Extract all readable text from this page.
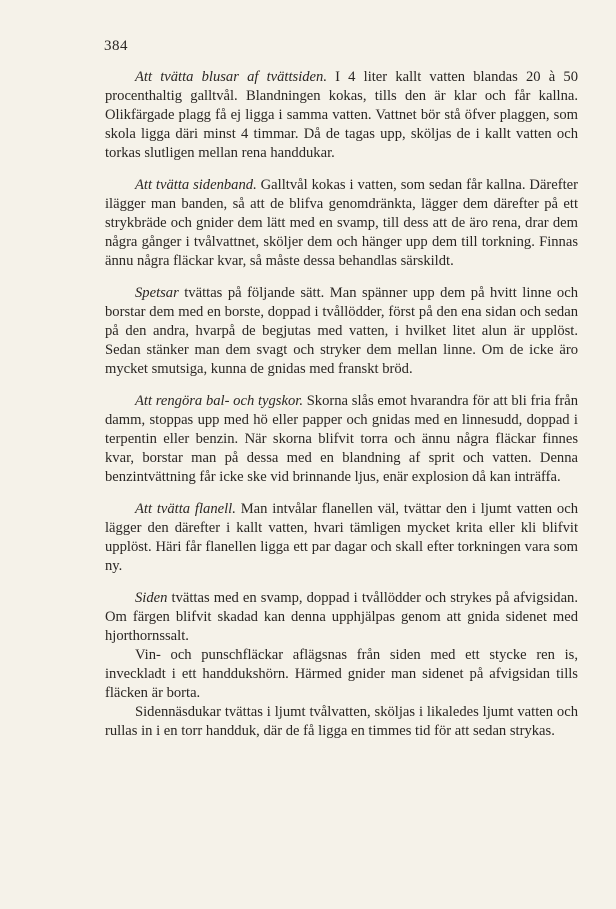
384

Att tvätta blusar af tvättsiden. I 4 liter kallt vatten blandas 20 à 50 procenthaltig galltvål. Blandningen kokas, tills den är klar och får kallna. Olikfärgade plagg få ej ligga i samma vatten. Vattnet bör stå öfver plaggen, som skola ligga däri minst 4 timmar. Då de tagas upp, sköljas de i kallt vatten och torkas slutligen mellan rena handdukar.

Att tvätta sidenband. Galltvål kokas i vatten, som sedan får kallna. Därefter ilägger man banden, så att de blifva genomdränkta, lägger dem därefter på ett strykbräde och gnider dem lätt med en svamp, till dess att de äro rena, drar dem några gånger i tvålvattnet, sköljer dem och hänger upp dem till torkning. Finnas ännu några fläckar kvar, så måste dessa behandlas särskildt.

Spetsar tvättas på följande sätt. Man spänner upp dem på hvitt linne och borstar dem med en borste, doppad i tvållödder, först på den ena sidan och sedan på den andra, hvarpå de begjutas med vatten, i hvilket litet alun är upplöst. Sedan stänker man dem svagt och stryker dem mellan linne. Om de icke äro mycket smutsiga, kunna de gnidas med franskt bröd.

Att rengöra bal- och tygskor. Skorna slås emot hvarandra för att bli fria från damm, stoppas upp med hö eller papper och gnidas med en linnesudd, doppad i terpentin eller benzin. När skorna blifvit torra och ännu några fläckar finnes kvar, borstar man på dessa med en blandning af sprit och vatten. Denna benzintvättning får icke ske vid brinnande ljus, enär explosion då kan inträffa.

Att tvätta flanell. Man intvålar flanellen väl, tvättar den i ljumt vatten och lägger den därefter i kallt vatten, hvari tämligen mycket krita eller kli blifvit upplöst. Häri får flanellen ligga ett par dagar och skall efter torkningen vara som ny.

Siden tvättas med en svamp, doppad i tvållödder och strykes på afvigsidan. Om färgen blifvit skadad kan denna upphjälpas genom att gnida sidenet med hjorthornssalt.

Vin- och punschfläckar aflägsnas från siden med ett stycke ren is, inveckladt i ett handdukshörn. Härmed gnider man sidenet på afvigsidan tills fläcken är borta.

Sidennäsdukar tvättas i ljumt tvålvatten, sköljas i likaledes ljumt vatten och rullas in i en torr handduk, där de få ligga en timmes tid för att sedan strykas.
